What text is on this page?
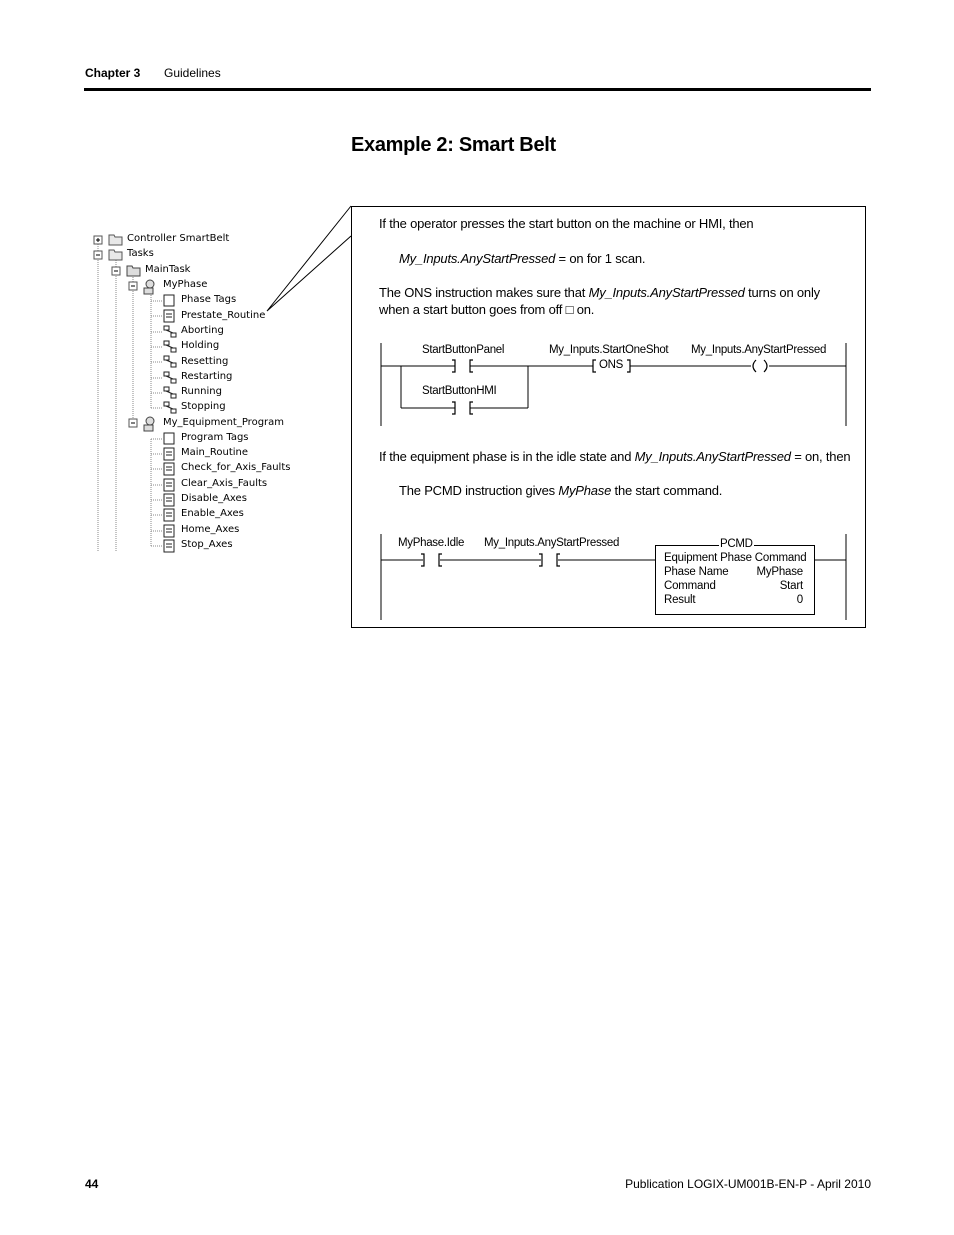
Chapter 3 Guidelines
Example 2: Smart Belt
Controller SmartBelt
Tasks
MainTask
MyPhase
Phase Tags
Prestate_Routine
Aborting
Holding
Resetting
Restarting
Running
Stopping
My_Equipment_Program
Program Tags
Main_Routine
Check_for_Axis_Faults
Clear_Axis_Faults
Disable_Axes
Enable_Axes
Home_Axes
Stop_Axes
If the operator presses the start button on the machine or HMI, then
My_Inputs.AnyStartPressed = on for 1 scan.
The ONS instruction makes sure that My_Inputs.AnyStartPressed turns on only
when a start button goes from off □ on.
StartButtonPanel	My_Inputs.StartOneShot
ONS
My_Inputs.AnyStartPressed
StartButtonHMI
If the equipment phase is in the idle state and My_Inputs.AnyStartPressed = on, then
The PCMD instruction gives MyPhase the start command.
MyPhase.Idle My_Inputs.AnyStartPressed	PCMD
Equipment Phase Command
Phase Name	MyPhase
Command	Start
Result	0
44	Publication LOGIX-UM001B-EN-P - April 2010
